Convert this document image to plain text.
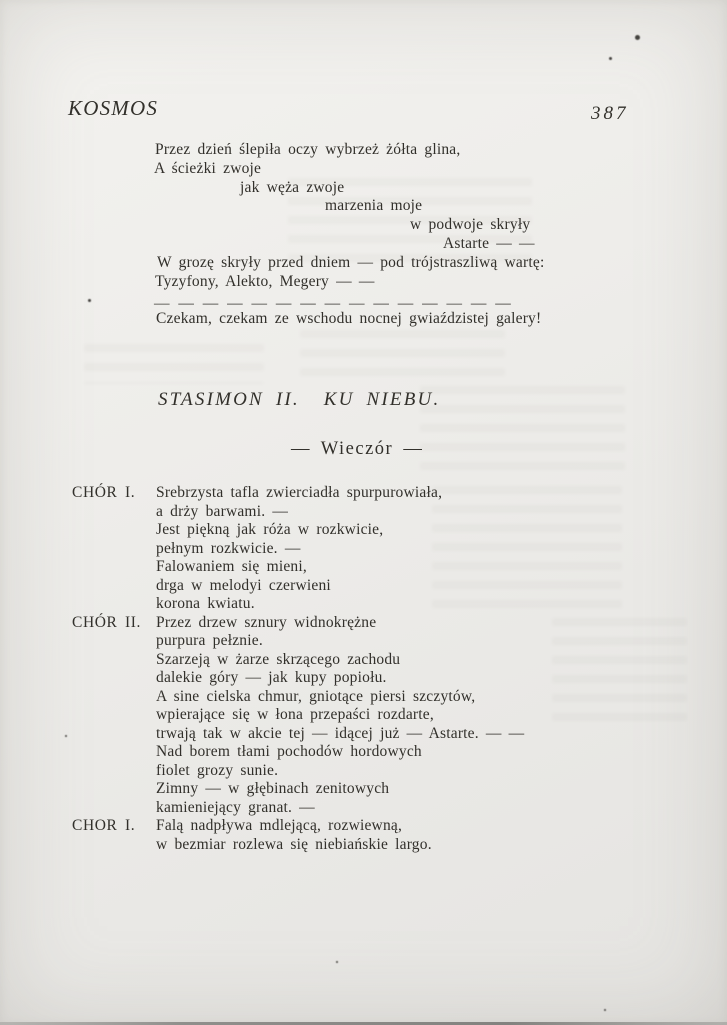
KOSMOS	387
Przez dzień ślepiła oczy wybrzeż żółta glina,
A ścieżki zwoje
jak węża zwoje
marzenia moje
w podwoje skryły
Astarte — —
W grozę skryły przed dniem — pod trójstraszliwą wartę:
Tyzyfony, Alekto, Megery — —
— — — — — — — — — — — — — — —
Czekam, czekam ze wschodu nocnej gwiaździstej galery!
STASIMON II.  KU NIEBU.
— Wieczór —
CHÓR I. Srebrzysta tafla zwierciadła spurpurowiała,
a drży barwami. —
Jest piękną jak róża w rozkwicie,
pełnym rozkwicie. —
Falowaniem się mieni,
drga w melodyi czerwieni
korona kwiatu.
CHÓR II. Przez drzew sznury widnokrężne
purpura pełznie.
Szarzeją w żarze skrzącego zachodu
dalekie góry — jak kupy popiołu.
A sine cielska chmur, gniotące piersi szczytów,
wpierające się w łona przepaści rozdarte,
trwają tak w akcie tej — idącej już — Astarte. — —
Nad borem tłami pochodów hordowych
fiolet grozy sunie.
Zimny — w głębinach zenitowych
kamieniejący granat. —
CHOR I. Falą nadpływa mdlejącą, rozwiewną,
w bezmiar rozlewa się niebiańskie largo.
